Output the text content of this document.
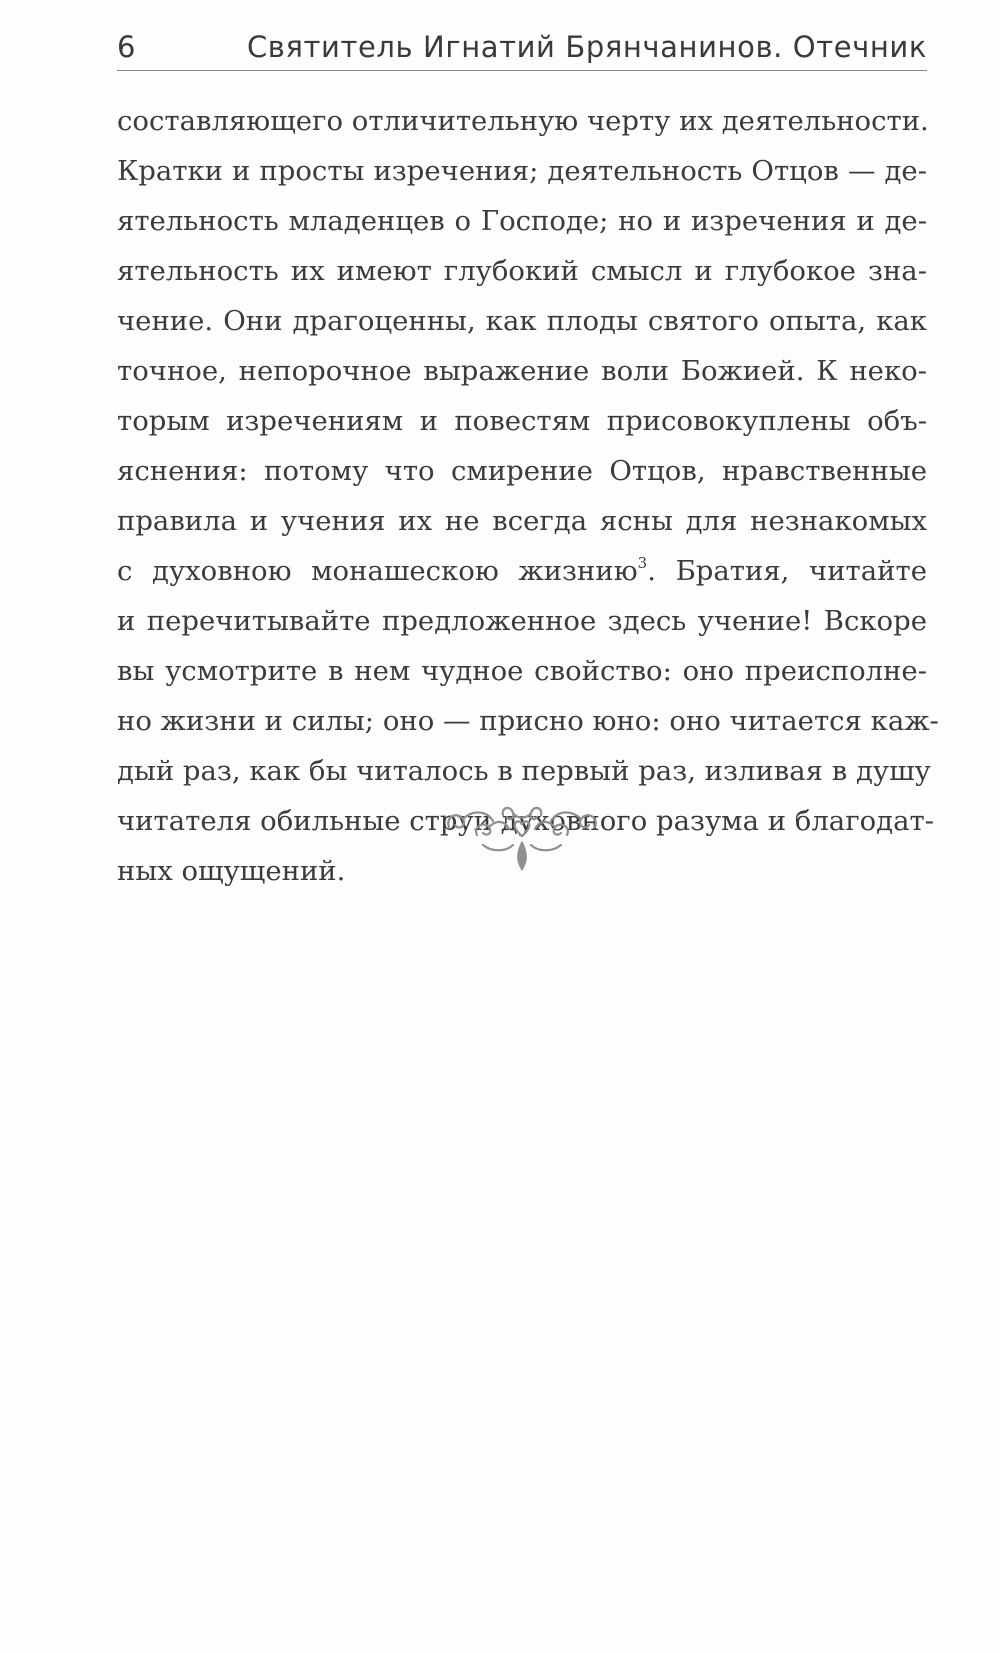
6	Святитель Игнатий Брянчанинов. Отечник
составляющего отличительную черту их деятельности.
Кратки и просты изречения; деятельность Отцов — де-
ятельность младенцев о Господе; но и изречения и де-
ятельность их имеют глубокий смысл и глубокое зна-
чение. Они драгоценны, как плоды святого опыта, как
точное, непорочное выражение воли Божией. К неко-
торым изречениям и повестям присовокуплены объ-
яснения: потому что смирение Отцов, нравственные
правила и учения их не всегда ясны для незнакомых
с духовною монашескою жизнию$^3$. Братия, читайте
и перечитывайте предложенное здесь учение! Вскоре
вы усмотрите в нем чудное свойство: оно преисполне-
но жизни и силы; оно — присно юно: оно читается каж-
дый раз, как бы читалось в первый раз, изливая в душу
читателя обильные струи духовного разума и благодат-
ных ощущений.
